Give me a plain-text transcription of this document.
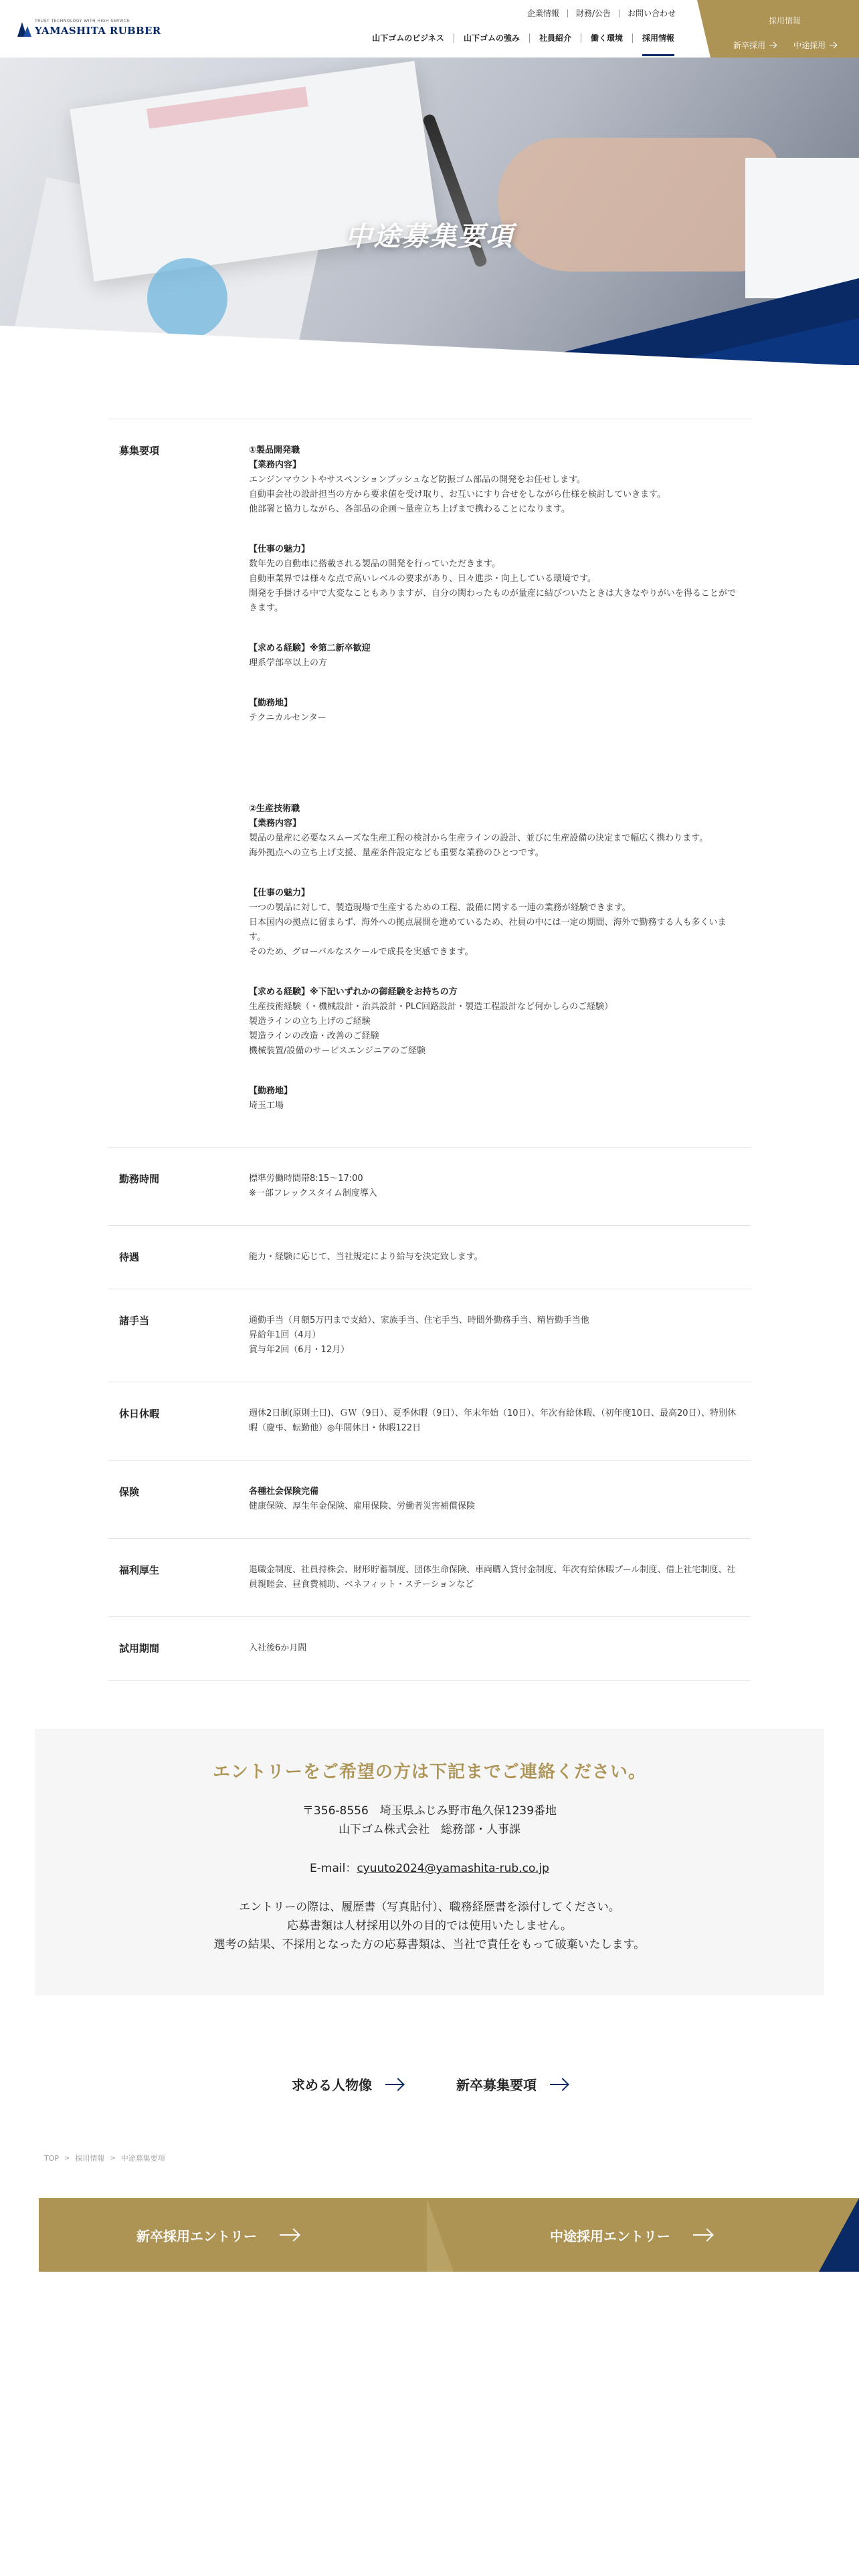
TRUST TECHNOLOGY WITH HIGH SERVICE
YAMASHITA RUBBER
企業情報	財務/公告	お問い合わせ
山下ゴムのビジネス	山下ゴムの強み	社員紹介	働く環境	採用情報
採用情報
新卒採用	中途採用
中途募集要項
募集要項	①製品開発職

【業務内容】

エンジンマウントやサスペンションブッシュなど防振ゴム部品の開発をお任せします。

自動車会社の設計担当の方から要求値を受け取り、お互いにすり合せをしながら仕様を検討していきます。

他部署と協力しながら、各部品の企画～量産立ち上げまで携わることになります。

【仕事の魅力】

数年先の自動車に搭載される製品の開発を行っていただきます。

自動車業界では様々な点で高いレベルの要求があり、日々進歩・向上している環境です。

開発を手掛ける中で大変なこともありますが、自分の関わったものが量産に結びついたときは大きなやりがいを得ることができます。

【求める経験】※第二新卒歓迎

理系学部卒以上の方

【勤務地】

テクニカルセンター

②生産技術職

【業務内容】

製品の量産に必要なスムーズな生産工程の検討から生産ラインの設計、並びに生産設備の決定まで幅広く携わります。

海外拠点への立ち上げ支援、量産条件設定なども重要な業務のひとつです。

【仕事の魅力】

一つの製品に対して、製造現場で生産するための工程、設備に関する一連の業務が経験できます。

日本国内の拠点に留まらず、海外への拠点展開を進めているため、社員の中には一定の期間、海外で勤務する人も多くいます。

そのため、グローバルなスケールで成長を実感できます。

【求める経験】※下記いずれかの御経験をお持ちの方

生産技術経験（・機械設計・治具設計・PLC回路設計・製造工程設計など何かしらのご経験）

製造ラインの立ち上げのご経験

製造ラインの改造・改善のご経験

機械装置/設備のサービスエンジニアのご経験

【勤務地】

埼玉工場

勤務時間	標準労働時間帯8:15～17:00

※一部フレックスタイム制度導入

待遇	能力・経験に応じて、当社規定により給与を決定致します。

諸手当	通勤手当（月額5万円まで支給）、家族手当、住宅手当、時間外勤務手当、精皆勤手当他

昇給年1回（4月）

賞与年2回（6月・12月）

休日休暇	週休2日制(原則土日)、ＧＷ（9日）、夏季休暇（9日）、年末年始（10日）、年次有給休暇、（初年度10日、最高20日）、特別休暇（慶弔、転勤他）◎年間休日・休暇122日

保険	各種社会保険完備

健康保険、厚生年金保険、雇用保険、労働者災害補償保険

福利厚生	退職金制度、社員持株会、財形貯蓄制度、団体生命保険、車両購入貸付金制度、年次有給休暇プール制度、借上社宅制度、社員親睦会、昼食費補助、ベネフィット・ステーションなど

試用期間	入社後6か月間

エントリーをご希望の方は下記までご連絡ください。

〒356-8556　埼玉県ふじみ野市亀久保1239番地

山下ゴム株式会社　総務部・人事課

E-mail：cyuuto2024@yamashita-rub.co.jp

エントリーの際は、履歴書（写真貼付）、職務経歴書を添付してください。

応募書類は人材採用以外の目的では使用いたしません。

選考の結果、不採用となった方の応募書類は、当社で責任をもって破棄いたします。

求める人物像	新卒募集要項
TOP > 採用情報 > 中途募集要項
新卒採用エントリー	中途採用エントリー
